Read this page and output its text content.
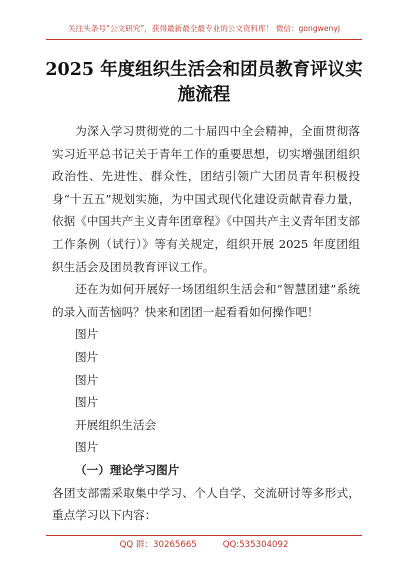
关注头条号“公文研究”，获得最新最全最专业的公文资料库！ 微信：gongwenyj
2025 年度组织生活会和团员教育评议实施流程

为深入学习贯彻党的二十届四中全会精神，全面贯彻落实习近平总书记关于青年工作的重要思想，切实增强团组织政治性、先进性、群众性，团结引领广大团员青年积极投身“十五五”规划实施，为中国式现代化建设贡献青春力量，依据《中国共产主义青年团章程》《中国共产主义青年团支部工作条例（试行）》等有关规定，组织开展 2025 年度团组织生活会及团员教育评议工作。

还在为如何开展好一场团组织生活会和“智慧团建”系统的录入而苦恼吗？快来和团团一起看看如何操作吧！

图片

图片

图片

图片

开展组织生活会

图片

（一）理论学习图片

各团支部需采取集中学习、个人自学、交流研讨等多形式，重点学习以下内容：

QQ 群：30265665	QQ:535304092
